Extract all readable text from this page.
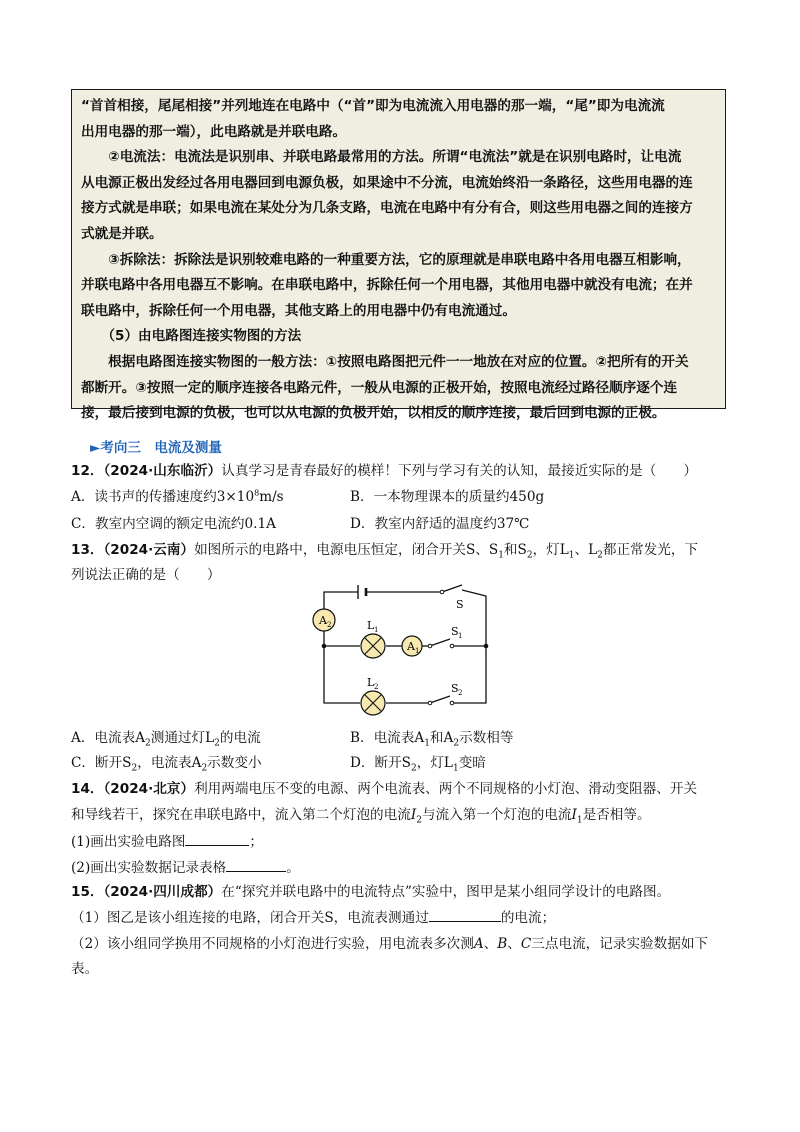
“首首相接，尾尾相接”并列地连在电路中（“首”即为电流流入用电器的那一端，“尾”即为电流流

出用电器的那一端），此电路就是并联电路。

　　②电流法：电流法是识别串、并联电路最常用的方法。所谓“电流法”就是在识别电路时，让电流

从电源正极出发经过各用电器回到电源负极，如果途中不分流，电流始终沿一条路径，这些用电器的连

接方式就是串联；如果电流在某处分为几条支路，电流在电路中有分有合，则这些用电器之间的连接方

式就是并联。

　　③拆除法：拆除法是识别较难电路的一种重要方法，它的原理就是串联电路中各用电器互相影响，

并联电路中各用电器互不影响。在串联电路中，拆除任何一个用电器，其他用电器中就没有电流；在并

联电路中，拆除任何一个用电器，其他支路上的用电器中仍有电流通过。

　　（5）由电路图连接实物图的方法

　　根据电路图连接实物图的一般方法：①按照电路图把元件一一地放在对应的位置。②把所有的开关

都断开。③按照一定的顺序连接各电路元件，一般从电源的正极开始，按照电流经过路径顺序逐个连

接，最后接到电源的负极，也可以从电源的负极开始，以相反的顺序连接，最后回到电源的正极。

►考向三　电流及测量
12．（2024·山东临沂）认真学习是青春最好的模样！下列与学习有关的认知，最接近实际的是（　　）
A．读书声的传播速度约$3\times 10^8m/s$	B．一本物理课本的质量约450g
C．教室内空调的额定电流约0.1A	D．教室内舒适的温度约37℃
13．（2024·云南）如图所示的电路中，电源电压恒定，闭合开关S、$S_1$和$S_2$，灯$L_1$、$L_2$都正常发光，下
列说法正确的是（　　）
A 2	L 1
A 1
L 2
S
S 1
S 2
A．电流表$A_2$测通过灯$L_2$的电流	B．电流表$A_1$和$A_2$示数相等
C．断开$S_2$，电流表$A_2$示数变小	D．断开$S_2$，灯$L_1$变暗
14．（2024·北京）利用两端电压不变的电源、两个电流表、两个不同规格的小灯泡、滑动变阻器、开关
和导线若干，探究在串联电路中，流入第二个灯泡的电流$I_2$与流入第一个灯泡的电流$I_1$是否相等。
(1)画出实验电路图	；
(2)画出实验数据记录表格	。
15．（2024·四川成都）在“探究并联电路中的电流特点”实验中，图甲是某小组同学设计的电路图。
（1）图乙是该小组连接的电路，闭合开关S，电流表测通过	的电流；
（2）该小组同学换用不同规格的小灯泡进行实验，用电流表多次测A、B、C三点电流，记录实验数据如下
表。
